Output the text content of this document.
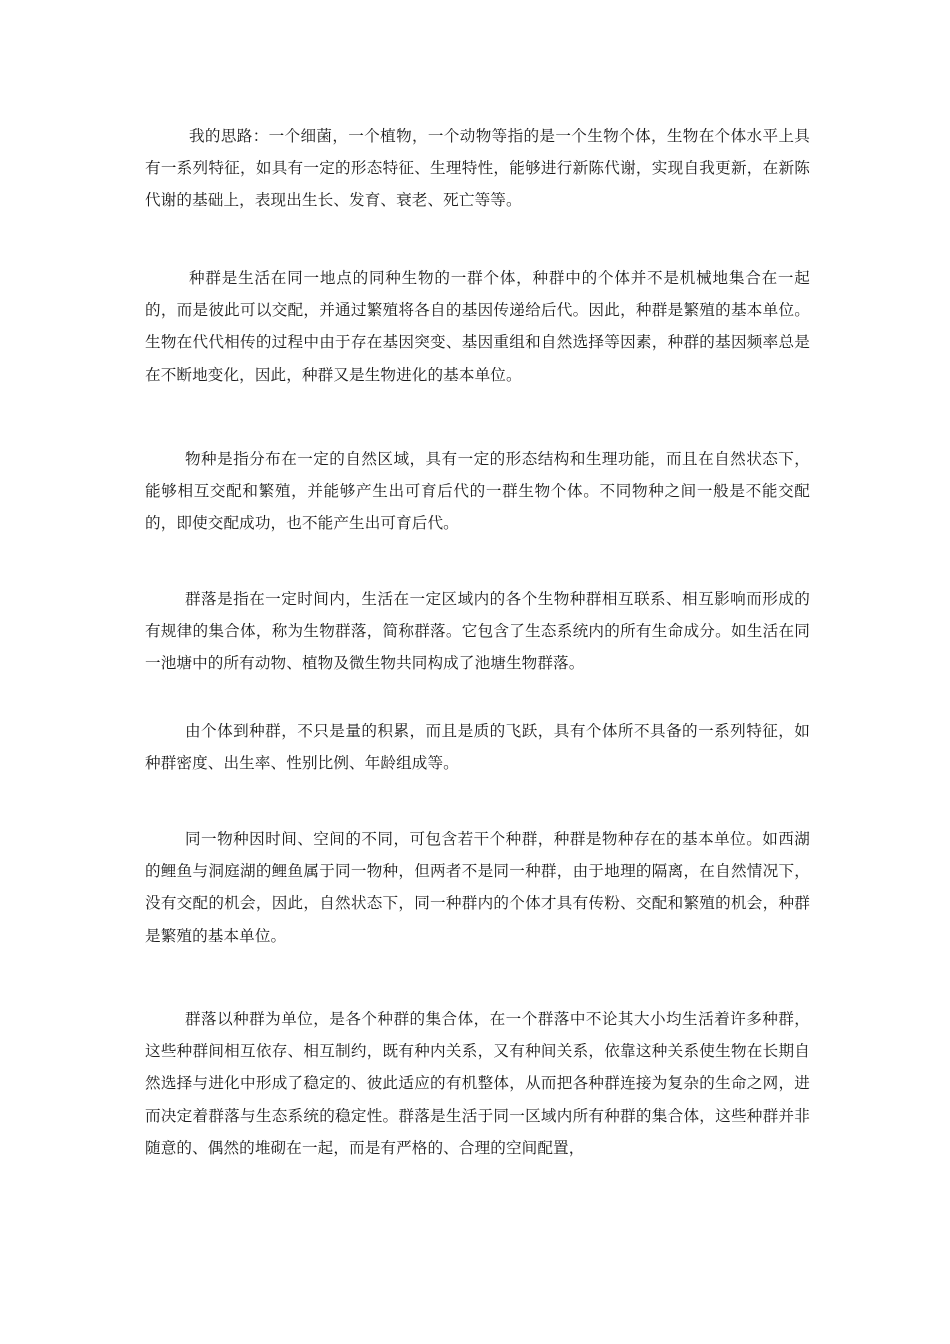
我的思路：一个细菌，一个植物，一个动物等指的是一个生物个体，生物在个体水平上具有一系列特征，如具有一定的形态特征、生理特性，能够进行新陈代谢，实现自我更新，在新陈代谢的基础上，表现出生长、发育、衰老、死亡等等。

种群是生活在同一地点的同种生物的一群个体，种群中的个体并不是机械地集合在一起的，而是彼此可以交配，并通过繁殖将各自的基因传递给后代。因此，种群是繁殖的基本单位。生物在代代相传的过程中由于存在基因突变、基因重组和自然选择等因素，种群的基因频率总是在不断地变化，因此，种群又是生物进化的基本单位。

物种是指分布在一定的自然区域，具有一定的形态结构和生理功能，而且在自然状态下，能够相互交配和繁殖，并能够产生出可育后代的一群生物个体。不同物种之间一般是不能交配的，即使交配成功，也不能产生出可育后代。

群落是指在一定时间内，生活在一定区域内的各个生物种群相互联系、相互影响而形成的有规律的集合体，称为生物群落，简称群落。它包含了生态系统内的所有生命成分。如生活在同一池塘中的所有动物、植物及微生物共同构成了池塘生物群落。

由个体到种群，不只是量的积累，而且是质的飞跃，具有个体所不具备的一系列特征，如种群密度、出生率、性别比例、年龄组成等。

同一物种因时间、空间的不同，可包含若干个种群，种群是物种存在的基本单位。如西湖的鲤鱼与洞庭湖的鲤鱼属于同一物种，但两者不是同一种群，由于地理的隔离，在自然情况下，没有交配的机会，因此，自然状态下，同一种群内的个体才具有传粉、交配和繁殖的机会，种群是繁殖的基本单位。

群落以种群为单位，是各个种群的集合体，在一个群落中不论其大小均生活着许多种群，这些种群间相互依存、相互制约，既有种内关系，又有种间关系，依靠这种关系使生物在长期自然选择与进化中形成了稳定的、彼此适应的有机整体，从而把各种群连接为复杂的生命之网，进而决定着群落与生态系统的稳定性。群落是生活于同一区域内所有种群的集合体，这些种群并非随意的、偶然的堆砌在一起，而是有严格的、合理的空间配置，
